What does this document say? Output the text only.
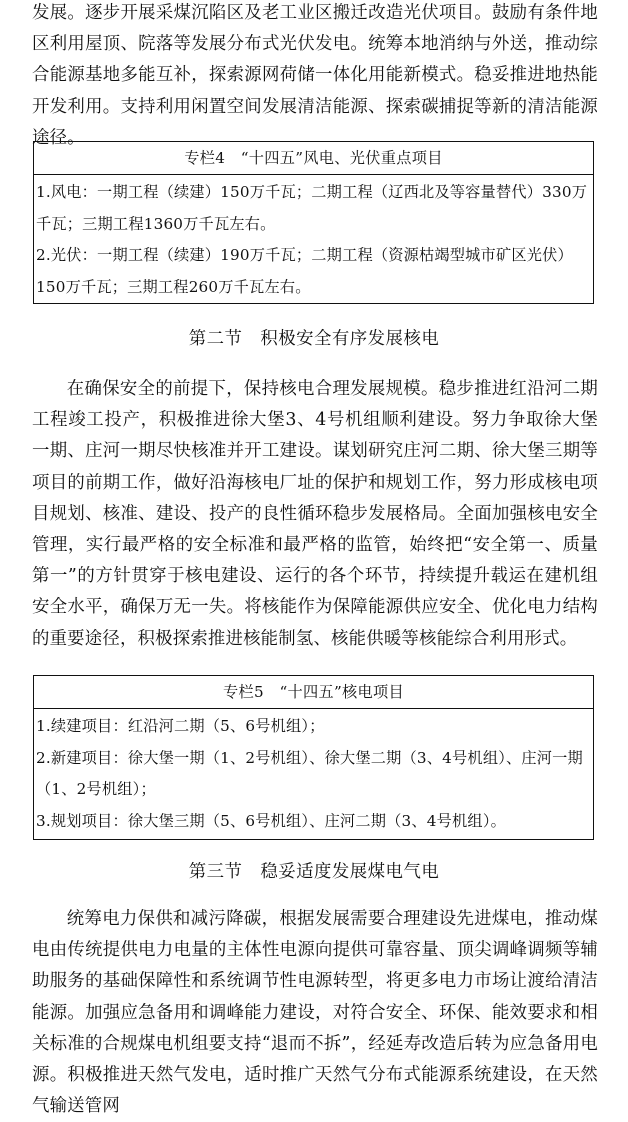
发展。逐步开展采煤沉陷区及老工业区搬迁改造光伏项目。鼓励有条件地区利用屋顶、院落等发展分布式光伏发电。统筹本地消纳与外送，推动综合能源基地多能互补，探索源网荷储一体化用能新模式。稳妥推进地热能开发利用。支持利用闲置空间发展清洁能源、探索碳捕捉等新的清洁能源途径。

专栏4　“十四五”风电、光伏重点项目

1.风电：一期工程（续建）150万千瓦；二期工程（辽西北及等容量替代）330万千瓦；三期工程1360万千瓦左右。

2.光伏：一期工程（续建）190万千瓦；二期工程（资源枯竭型城市矿区光伏）150万千瓦；三期工程260万千瓦左右。

第二节　积极安全有序发展核电

在确保安全的前提下，保持核电合理发展规模。稳步推进红沿河二期工程竣工投产，积极推进徐大堡3、4号机组顺利建设。努力争取徐大堡一期、庄河一期尽快核准并开工建设。谋划研究庄河二期、徐大堡三期等项目的前期工作，做好沿海核电厂址的保护和规划工作，努力形成核电项目规划、核准、建设、投产的良性循环稳步发展格局。全面加强核电安全管理，实行最严格的安全标准和最严格的监管，始终把“安全第一、质量第一”的方针贯穿于核电建设、运行的各个环节，持续提升载运在建机组安全水平，确保万无一失。将核能作为保障能源供应安全、优化电力结构的重要途径，积极探索推进核能制氢、核能供暖等核能综合利用形式。

专栏5　“十四五”核电项目

1.续建项目：红沿河二期（5、6号机组）；

2.新建项目：徐大堡一期（1、2号机组）、徐大堡二期（3、4号机组）、庄河一期（1、2号机组）；

3.规划项目：徐大堡三期（5、6号机组）、庄河二期（3、4号机组）。

第三节　稳妥适度发展煤电气电

统筹电力保供和减污降碳，根据发展需要合理建设先进煤电，推动煤电由传统提供电力电量的主体性电源向提供可靠容量、顶尖调峰调频等辅助服务的基础保障性和系统调节性电源转型，将更多电力市场让渡给清洁能源。加强应急备用和调峰能力建设，对符合安全、环保、能效要求和相关标准的合规煤电机组要支持“退而不拆”，经延寿改造后转为应急备用电源。积极推进天然气发电，适时推广天然气分布式能源系统建设，在天然气输送管网
